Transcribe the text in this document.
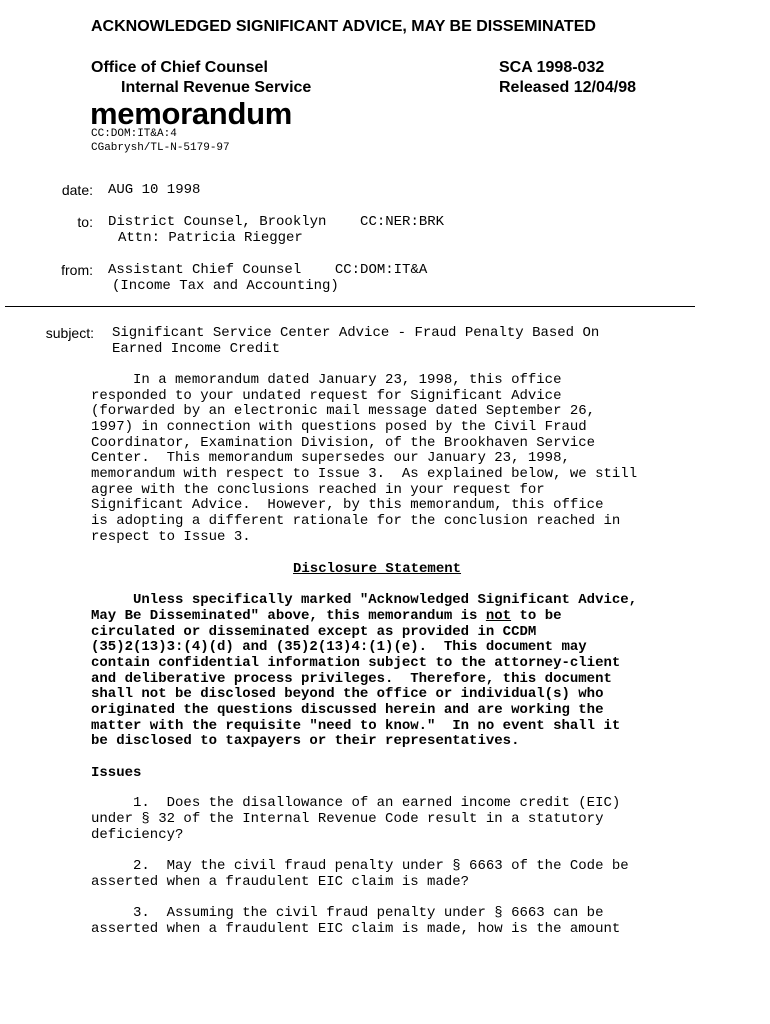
ACKNOWLEDGED SIGNIFICANT ADVICE, MAY BE DISSEMINATED
Office of Chief Counsel
Internal Revenue Service
SCA 1998-032
Released 12/04/98
memorandum
CC:DOM:IT&A:4
CGabrysh/TL-N-5179-97
date: AUG 10 1998
to: District Counsel, Brooklyn    CC:NER:BRK
Attn: Patricia Riegger
from: Assistant Chief Counsel    CC:DOM:IT&A
(Income Tax and Accounting)
subject: Significant Service Center Advice - Fraud Penalty Based On
Earned Income Credit
In a memorandum dated January 23, 1998, this office
responded to your undated request for Significant Advice
(forwarded by an electronic mail message dated September 26,
1997) in connection with questions posed by the Civil Fraud
Coordinator, Examination Division, of the Brookhaven Service
Center.  This memorandum supersedes our January 23, 1998,
memorandum with respect to Issue 3.  As explained below, we still
agree with the conclusions reached in your request for
Significant Advice.  However, by this memorandum, this office
is adopting a different rationale for the conclusion reached in
respect to Issue 3.
Disclosure Statement
Unless specifically marked "Acknowledged Significant Advice,
May Be Disseminated" above, this memorandum is not to be
circulated or disseminated except as provided in CCDM
(35)2(13)3:(4)(d) and (35)2(13)4:(1)(e).  This document may
contain confidential information subject to the attorney-client
and deliberative process privileges.  Therefore, this document
shall not be disclosed beyond the office or individual(s) who
originated the questions discussed herein and are working the
matter with the requisite "need to know."  In no event shall it
be disclosed to taxpayers or their representatives.
Issues
1.  Does the disallowance of an earned income credit (EIC)
under § 32 of the Internal Revenue Code result in a statutory
deficiency?
2.  May the civil fraud penalty under § 6663 of the Code be
asserted when a fraudulent EIC claim is made?
3.  Assuming the civil fraud penalty under § 6663 can be
asserted when a fraudulent EIC claim is made, how is the amount
